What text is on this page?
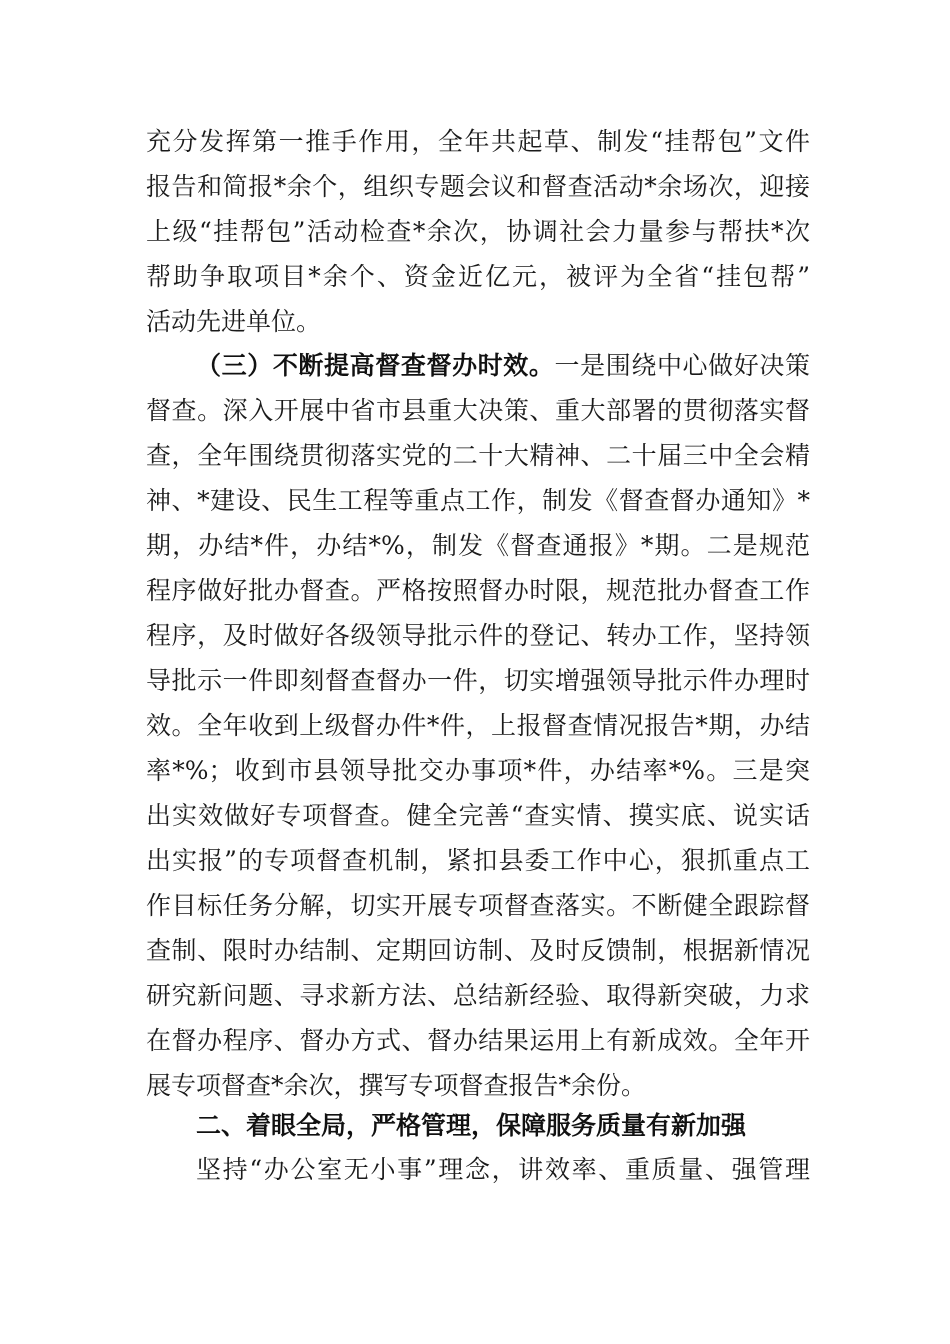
充分发挥第一推手作用，全年共起草、制发“挂帮包”文件
报告和简报*余个，组织专题会议和督查活动*余场次，迎接
上级“挂帮包”活动检查*余次，协调社会力量参与帮扶*次
帮助争取项目*余个、资金近亿元，被评为全省“挂包帮”
活动先进单位。
（三）不断提高督查督办时效。一是围绕中心做好决策
督查。深入开展中省市县重大决策、重大部署的贯彻落实督
查，全年围绕贯彻落实党的二十大精神、二十届三中全会精
神、*建设、民生工程等重点工作，制发《督查督办通知》*
期，办结*件，办结*%，制发《督查通报》*期。二是规范
程序做好批办督查。严格按照督办时限，规范批办督查工作
程序，及时做好各级领导批示件的登记、转办工作，坚持领
导批示一件即刻督查督办一件，切实增强领导批示件办理时
效。全年收到上级督办件*件，上报督查情况报告*期，办结
率*%；收到市县领导批交办事项*件，办结率*%。三是突
出实效做好专项督查。健全完善“查实情、摸实底、说实话
出实报”的专项督查机制，紧扣县委工作中心，狠抓重点工
作目标任务分解，切实开展专项督查落实。不断健全跟踪督
查制、限时办结制、定期回访制、及时反馈制，根据新情况
研究新问题、寻求新方法、总结新经验、取得新突破，力求
在督办程序、督办方式、督办结果运用上有新成效。全年开
展专项督查*余次，撰写专项督查报告*余份。
二、着眼全局，严格管理，保障服务质量有新加强
坚持“办公室无小事”理念，讲效率、重质量、强管理
